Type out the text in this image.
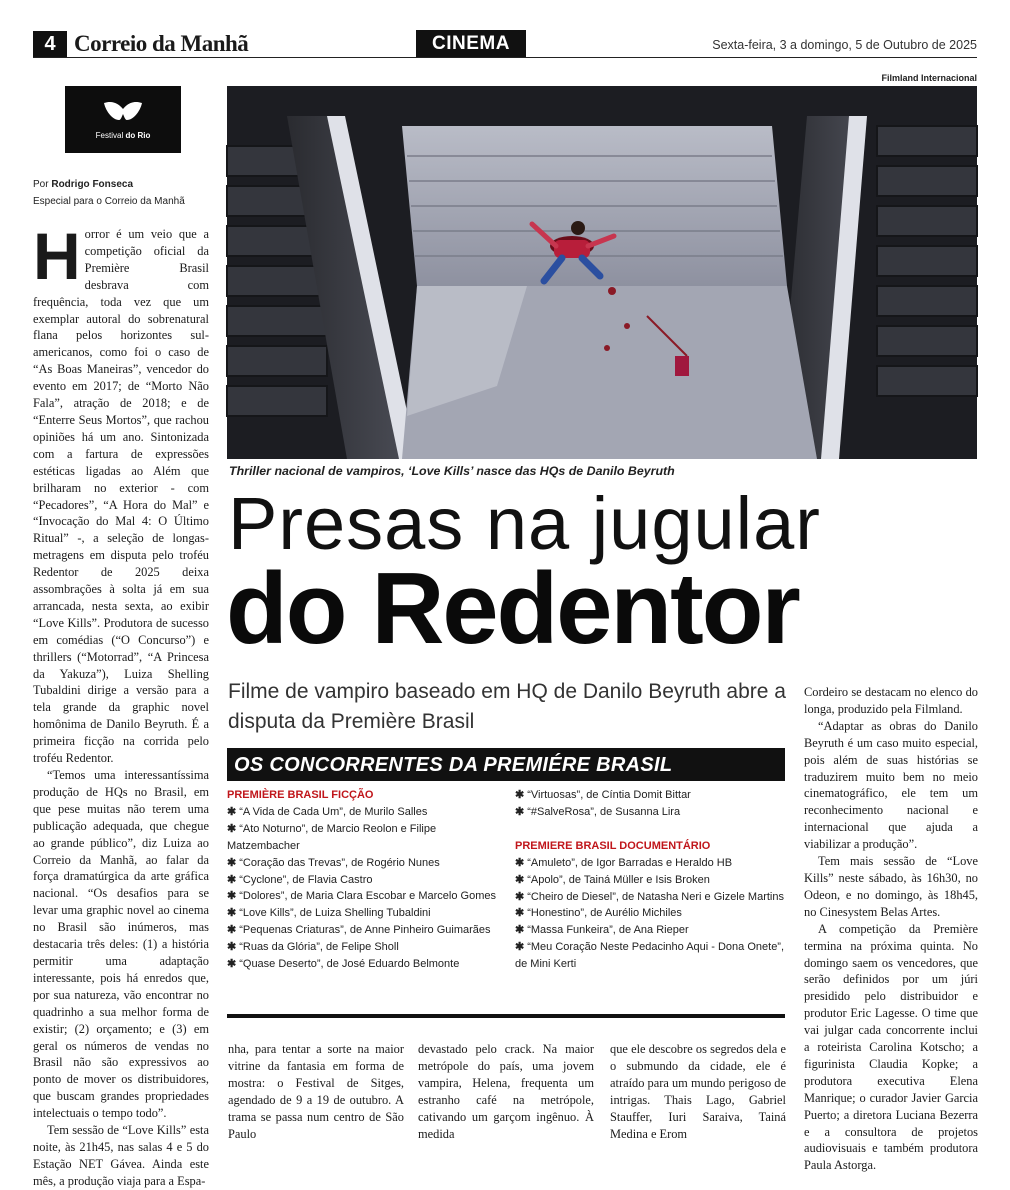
4 Correio da Manhã	CINEMA	Sexta-feira, 3 a domingo, 5 de Outubro de 2025
Festival do Rio
Por Rodrigo Fonseca
Especial para o Correio da Manhã

Horror é um veio que a competição oficial da Première Brasil desbrava com frequência, toda vez que um exemplar autoral do sobrenatural flana pelos horizontes sul-americanos, como foi o caso de “As Boas Maneiras”, vencedor do evento em 2017; de “Morto Não Fala”, atração de 2018; e de “Enterre Seus Mortos”, que rachou opiniões há um ano. Sintonizada com a fartura de expressões estéticas ligadas ao Além que brilharam no exterior - com “Pecadores”, “A Hora do Mal” e “Invocação do Mal 4: O Último Ritual” -, a seleção de longas-metragens em disputa pelo troféu Redentor de 2025 deixa assombrações à solta já em sua arrancada, nesta sexta, ao exibir “Love Kills”. Produtora de sucesso em comédias (“O Concurso”) e thrillers (“Motorrad”, “A Princesa da Yakuza”), Luiza Shelling Tubaldini dirige a versão para a tela grande da graphic novel homônima de Danilo Beyruth. É a primeira ficção na corrida pelo troféu Redentor.

“Temos uma interessantíssima produção de HQs no Brasil, em que pese muitas não terem uma publicação adequada, que chegue ao grande público”, diz Luiza ao Correio da Manhã, ao falar da força dramatúrgica da arte gráfica nacional. “Os desafios para se levar uma graphic novel ao cinema no Brasil são inúmeros, mas destacaria três deles: (1) a história permitir uma adaptação interessante, pois há enredos que, por sua natureza, vão encontrar no quadrinho a sua melhor forma de existir; (2) orçamento; e (3) em geral os números de vendas no Brasil não são expressivos ao ponto de mover os distribuidores, que buscam grandes propriedades intelectuais o tempo todo”.

Tem sessão de “Love Kills” esta noite, às 21h45, nas salas 4 e 5 do Estação NET Gávea. Ainda este mês, a produção viaja para a Espa-

Filmland Internacional
Thriller nacional de vampiros, ‘Love Kills’ nasce das HQs de Danilo Beyruth
Presas na jugular
do Redentor
Filme de vampiro baseado em HQ de Danilo Beyruth abre a disputa da Première Brasil
OS CONCORRENTES DA PREMIÉRE BRASIL
PREMIÈRE BRASIL FICÇÃO
✱ “A Vida de Cada Um”, de Murilo Salles
✱ “Ato Noturno”, de Marcio Reolon e Filipe Matzembacher
✱ “Coração das Trevas”, de Rogério Nunes
✱ “Cyclone”, de Flavia Castro
✱ “Dolores”, de Maria Clara Escobar e Marcelo Gomes
✱ “Love Kills”, de Luiza Shelling Tubaldini
✱ “Pequenas Criaturas”, de Anne Pinheiro Guimarães
✱ “Ruas da Glória”, de Felipe Sholl
✱ “Quase Deserto”, de José Eduardo Belmonte
✱ “Virtuosas”, de Cíntia Domit Bittar
✱ “#SalveRosa”, de Susanna Lira
PREMIERE BRASIL DOCUMENTÁRIO
✱ “Amuleto”, de Igor Barradas e Heraldo HB
✱ “Apolo”, de Tainá Müller e Isis Broken
✱ “Cheiro de Diesel”, de Natasha Neri e Gizele Martins
✱ “Honestino”, de Aurélio Michiles
✱ “Massa Funkeira”, de Ana Rieper
✱ “Meu Coração Neste Pedacinho Aqui - Dona Onete”, de Mini Kerti
nha, para tentar a sorte na maior vitrine da fantasia em forma de mostra: o Festival de Sitges, agendado de 9 a 19 de outubro. A trama se passa num centro de São Paulo
devastado pelo crack. Na maior metrópole do país, uma jovem vampira, Helena, frequenta um estranho café na metrópole, cativando um garçom ingênuo. À medida
que ele descobre os segredos dela e o submundo da cidade, ele é atraído para um mundo perigoso de intrigas. Thais Lago, Gabriel Stauffer, Iuri Saraiva, Tainá Medina e Erom

Cordeiro se destacam no elenco do longa, produzido pela Filmland.

“Adaptar as obras do Danilo Beyruth é um caso muito especial, pois além de suas histórias se traduzirem muito bem no meio cinematográfico, ele tem um reconhecimento nacional e internacional que ajuda a viabilizar a produção”.

Tem mais sessão de “Love Kills” neste sábado, às 16h30, no Odeon, e no domingo, às 18h45, no Cinesystem Belas Artes.

A competição da Première termina na próxima quinta. No domingo saem os vencedores, que serão definidos por um júri presidido pelo distribuidor e produtor Eric Lagesse. O time que vai julgar cada concorrente inclui a roteirista Carolina Kotscho; a figurinista Claudia Kopke; a produtora executiva Elena Manrique; o curador Javier Garcia Puerto; a diretora Luciana Bezerra e a consultora de projetos audiovisuais e também produtora Paula Astorga.
